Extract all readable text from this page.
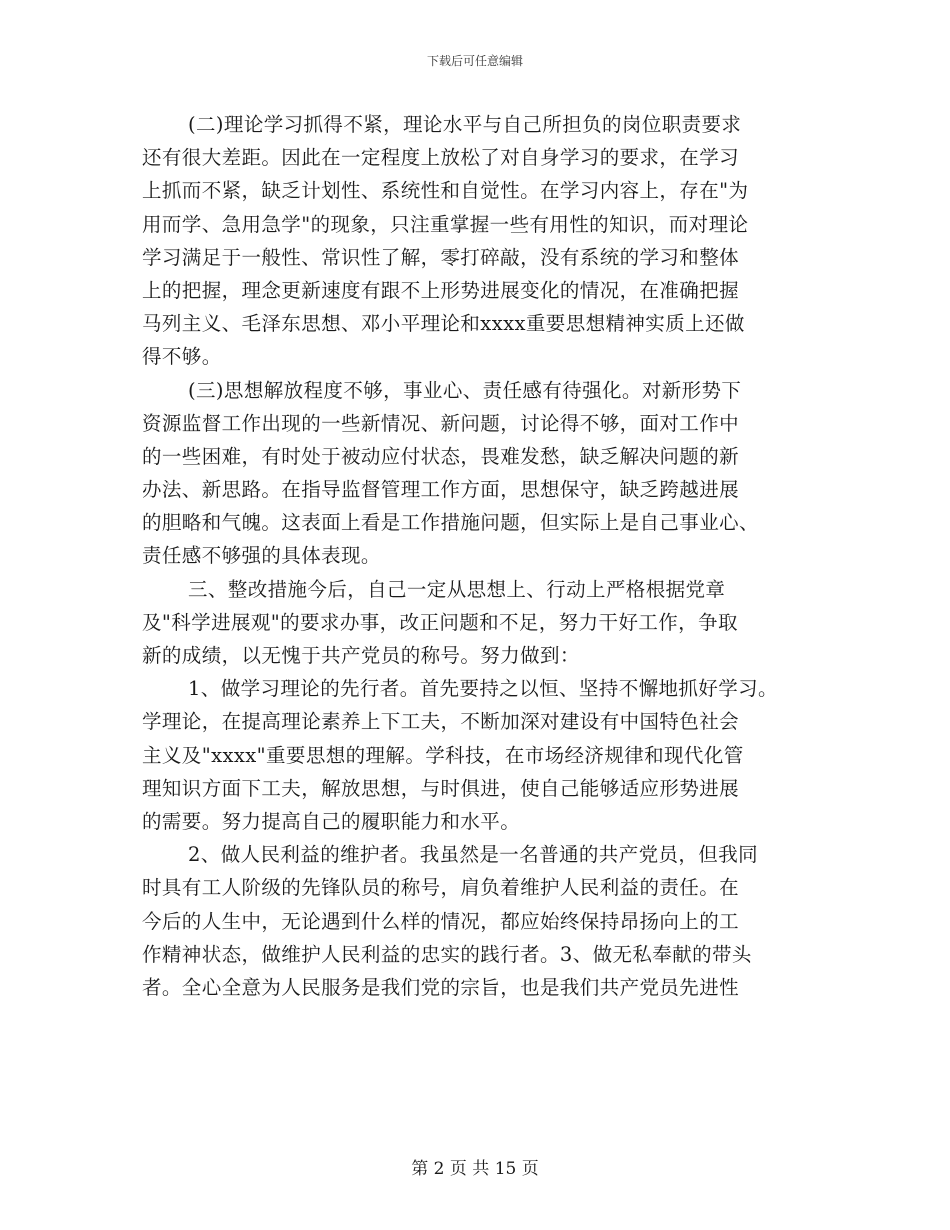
下载后可任意编辑
(二)理论学习抓得不紧，理论水平与自己所担负的岗位职责要求
还有很大差距。因此在一定程度上放松了对自身学习的要求，在学习
上抓而不紧，缺乏计划性、系统性和自觉性。在学习内容上，存在"为
用而学、急用急学"的现象，只注重掌握一些有用性的知识，而对理论
学习满足于一般性、常识性了解，零打碎敲，没有系统的学习和整体
上的把握，理念更新速度有跟不上形势进展变化的情况，在准确把握
马列主义、毛泽东思想、邓小平理论和xxxx重要思想精神实质上还做
得不够。
(三)思想解放程度不够，事业心、责任感有待强化。对新形势下
资源监督工作出现的一些新情况、新问题，讨论得不够，面对工作中
的一些困难，有时处于被动应付状态，畏难发愁，缺乏解决问题的新
办法、新思路。在指导监督管理工作方面，思想保守，缺乏跨越进展
的胆略和气魄。这表面上看是工作措施问题，但实际上是自己事业心、
责任感不够强的具体表现。
三、整改措施今后，自己一定从思想上、行动上严格根据党章
及"科学进展观"的要求办事，改正问题和不足，努力干好工作，争取
新的成绩，以无愧于共产党员的称号。努力做到：
1、做学习理论的先行者。首先要持之以恒、坚持不懈地抓好学习。
学理论，在提高理论素养上下工夫，不断加深对建设有中国特色社会
主义及"xxxx"重要思想的理解。学科技，在市场经济规律和现代化管
理知识方面下工夫，解放思想，与时俱进，使自己能够适应形势进展
的需要。努力提高自己的履职能力和水平。
2、做人民利益的维护者。我虽然是一名普通的共产党员，但我同
时具有工人阶级的先锋队员的称号，肩负着维护人民利益的责任。在
今后的人生中，无论遇到什么样的情况，都应始终保持昂扬向上的工
作精神状态，做维护人民利益的忠实的践行者。3、做无私奉献的带头
者。全心全意为人民服务是我们党的宗旨，也是我们共产党员先进性
第 2 页 共 15 页
